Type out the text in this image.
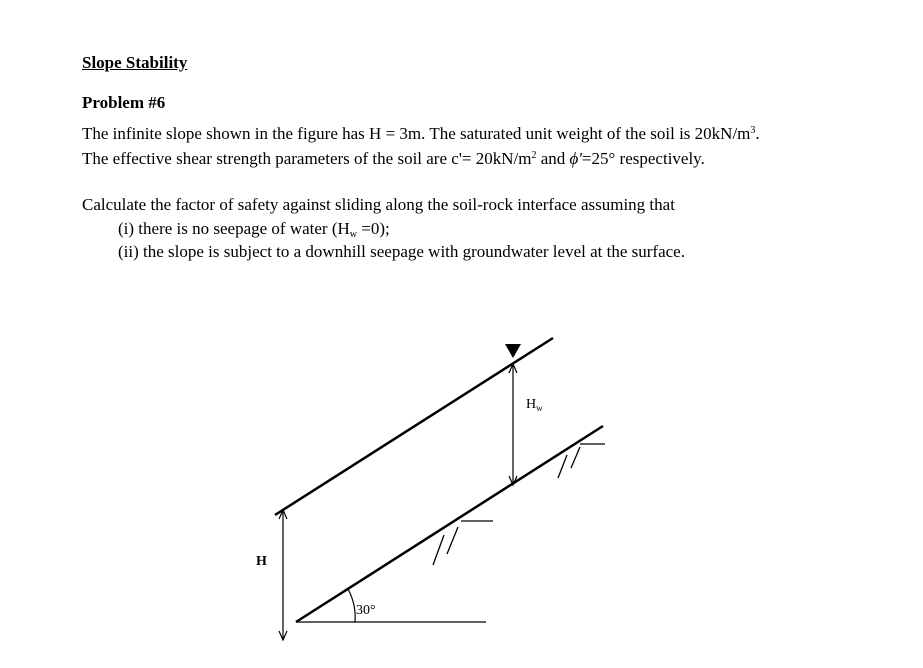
Slope Stability
Problem #6
The infinite slope shown in the figure has H = 3m. The saturated unit weight of the soil is $20kN/m^3$.
The effective shear strength parameters of the soil are $c'= 20kN/m^2$ and ϕ'=25° respectively.
Calculate the factor of safety against sliding along the soil-rock interface assuming that
(i) there is no seepage of water $(H_w =0)$;
(ii) the slope is subject to a downhill seepage with groundwater level at the surface.
30°
H
$H_w$
